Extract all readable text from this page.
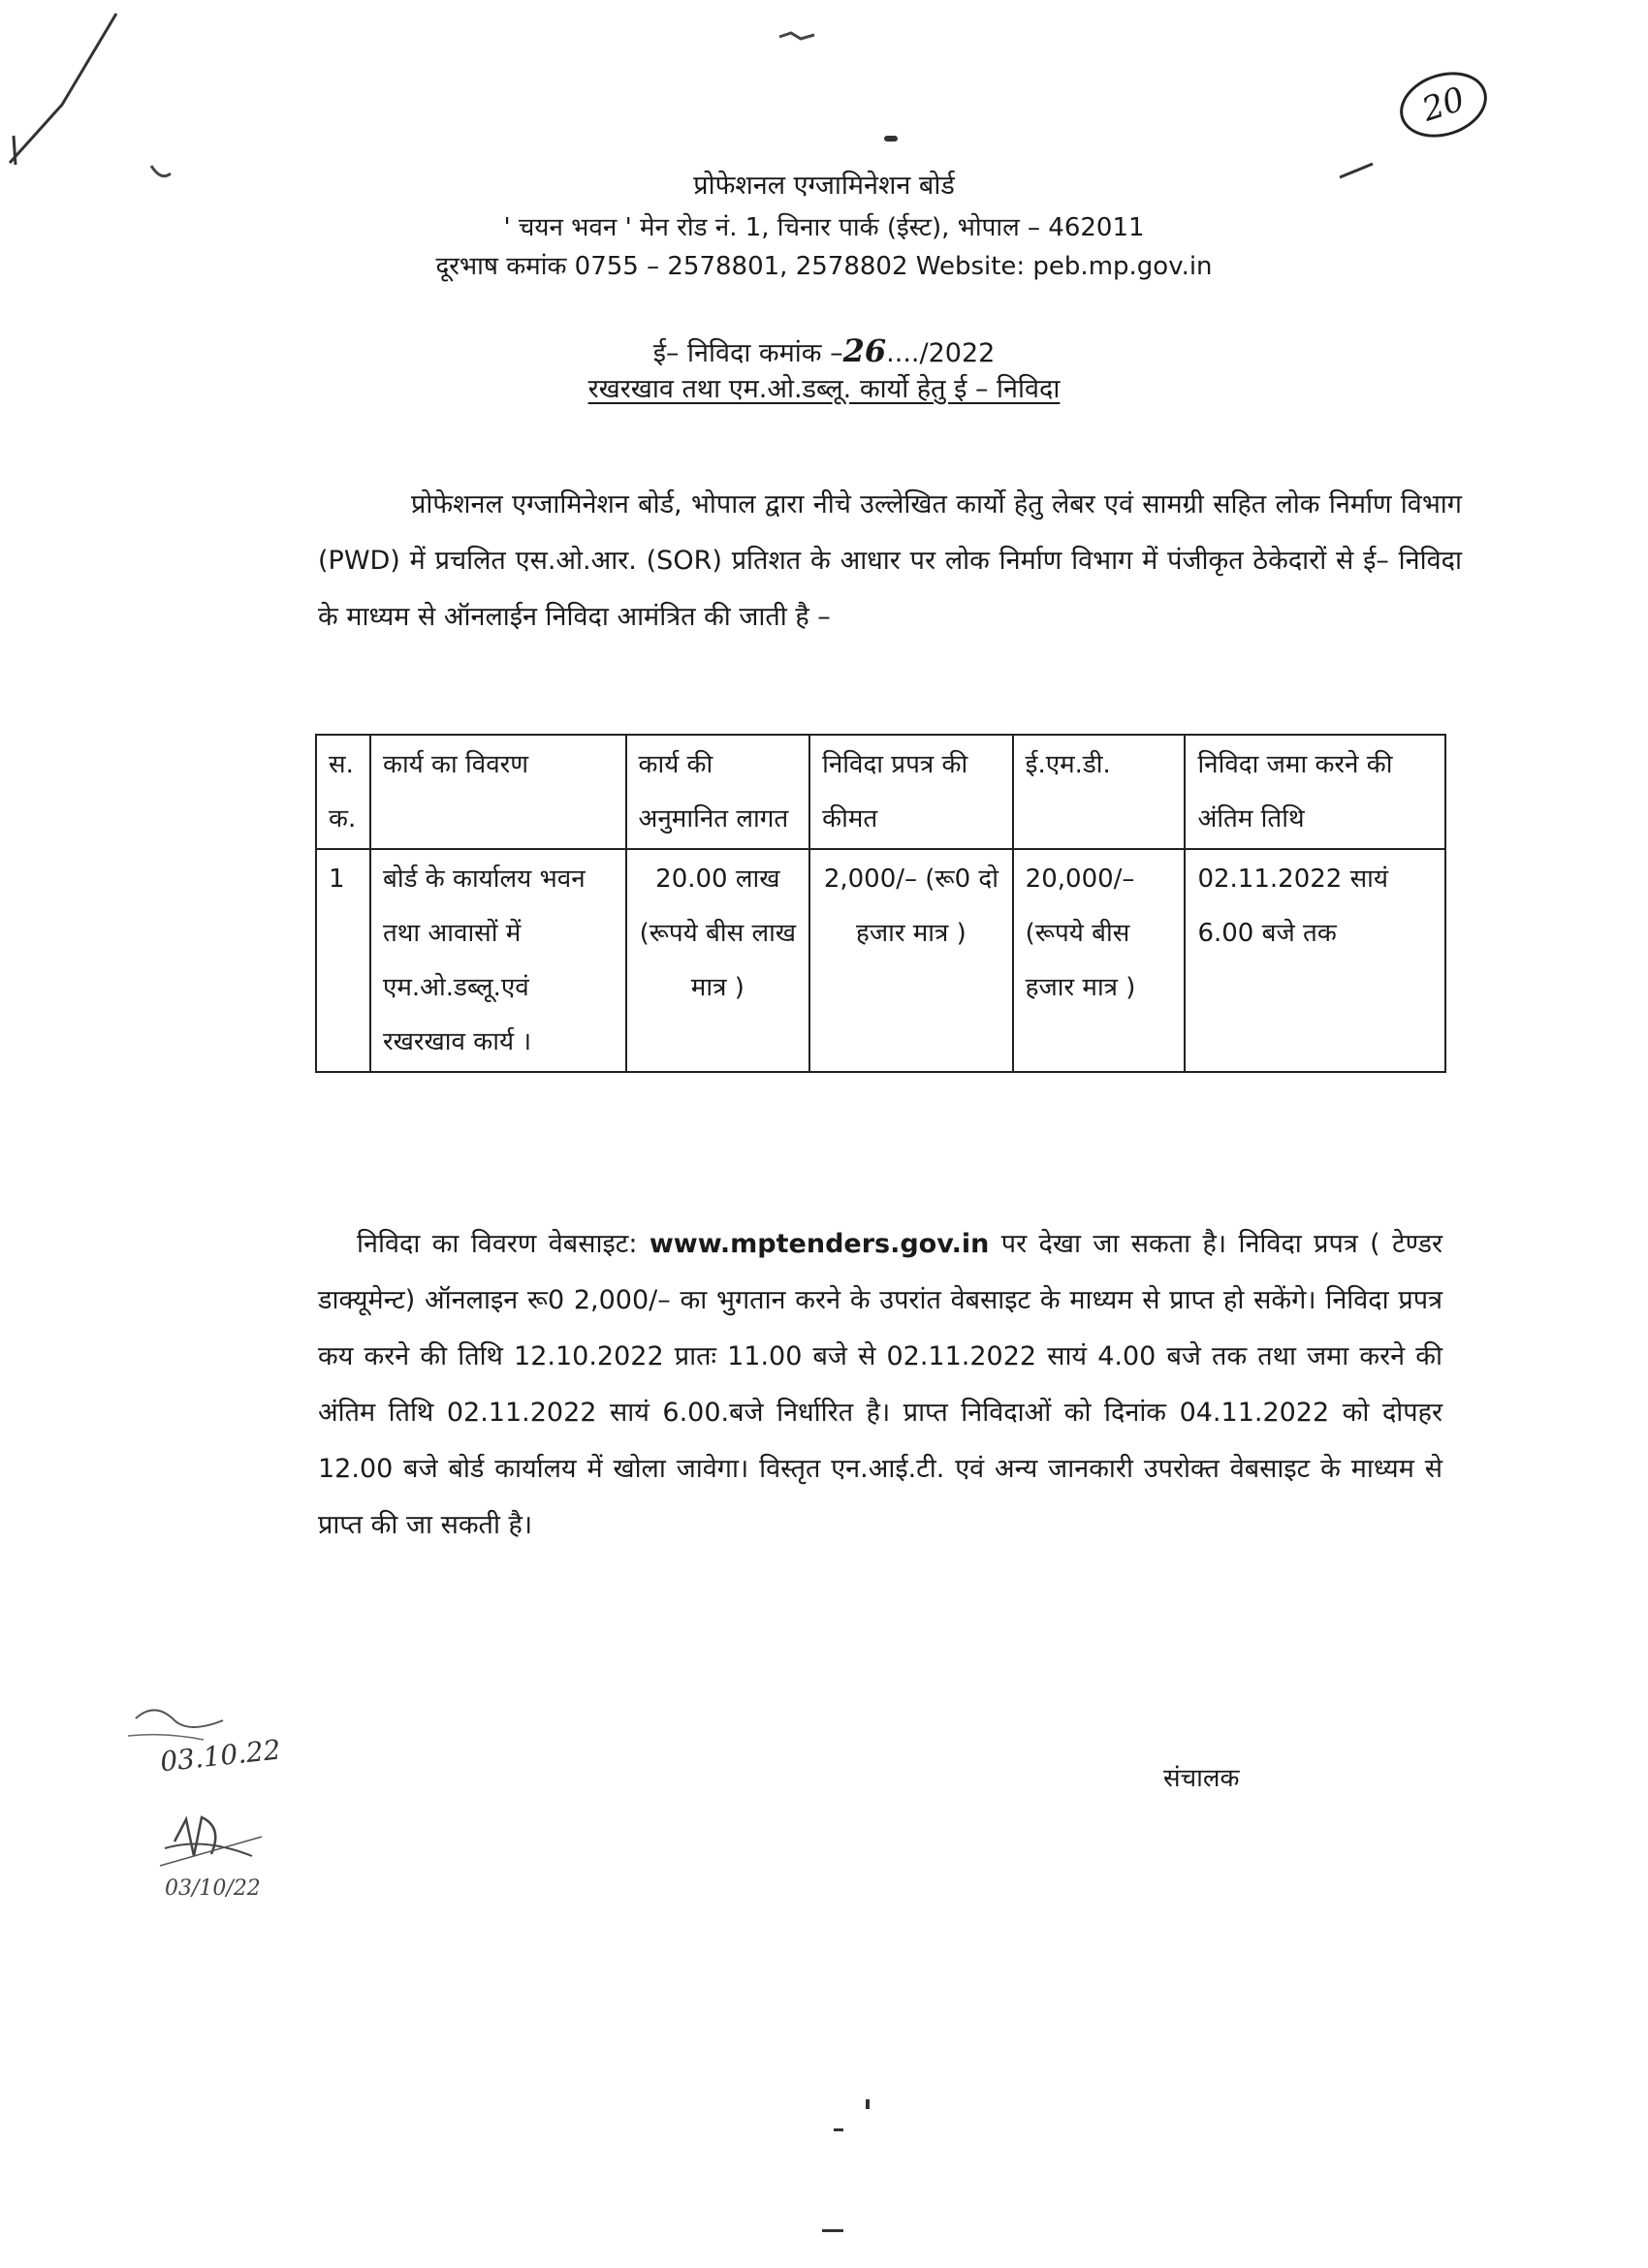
20
प्रोफेशनल एग्जामिनेशन बोर्ड
' चयन भवन ' मेन रोड नं. 1, चिनार पार्क (ईस्ट), भोपाल – 462011
दूरभाष कमांक 0755 – 2578801, 2578802 Website: peb.mp.gov.in
ई– निविदा कमांक –26..../2022
रखरखाव तथा एम.ओ.डब्लू. कार्यो हेतु ई – निविदा
प्रोफेशनल एग्जामिनेशन बोर्ड, भोपाल द्वारा नीचे उल्लेखित कार्यो हेतु लेबर एवं सामग्री सहित लोक निर्माण विभाग (PWD) में प्रचलित एस.ओ.आर. (SOR) प्रतिशत के आधार पर लोक निर्माण विभाग में पंजीकृत ठेकेदारों से ई– निविदा के माध्यम से ऑनलाईन निविदा आमंत्रित की जाती है –
स. क.	कार्य का विवरण	कार्य की अनुमानित लागत	निविदा प्रपत्र की कीमत	ई.एम.डी.	निविदा जमा करने की अंतिम तिथि
1	बोर्ड के कार्यालय भवन तथा आवासों में एम.ओ.डब्लू.एवं रखरखाव कार्य ।	20.00 लाख (रूपये बीस लाख मात्र )	2,000/– (रू0 दो हजार मात्र )	20,000/– (रूपये बीस हजार मात्र )	02.11.2022 सायं 6.00 बजे तक
निविदा का विवरण वेबसाइट: www.mptenders.gov.in पर देखा जा सकता है। निविदा प्रपत्र ( टेण्डर डाक्यूमेन्ट) ऑनलाइन रू0 2,000/– का भुगतान करने के उपरांत वेबसाइट के माध्यम से प्राप्त हो सकेंगे। निविदा प्रपत्र कय करने की तिथि 12.10.2022 प्रातः 11.00 बजे से 02.11.2022 सायं 4.00 बजे तक तथा जमा करने की अंतिम तिथि 02.11.2022 सायं 6.00.बजे निर्धारित है। प्राप्त निविदाओं को दिनांक 04.11.2022 को दोपहर 12.00 बजे बोर्ड कार्यालय में खोला जावेगा। विस्तृत एन.आई.टी. एवं अन्य जानकारी उपरोक्त वेबसाइट के माध्यम से प्राप्त की जा सकती है।
03/10/22
03.10.22
संचालक
